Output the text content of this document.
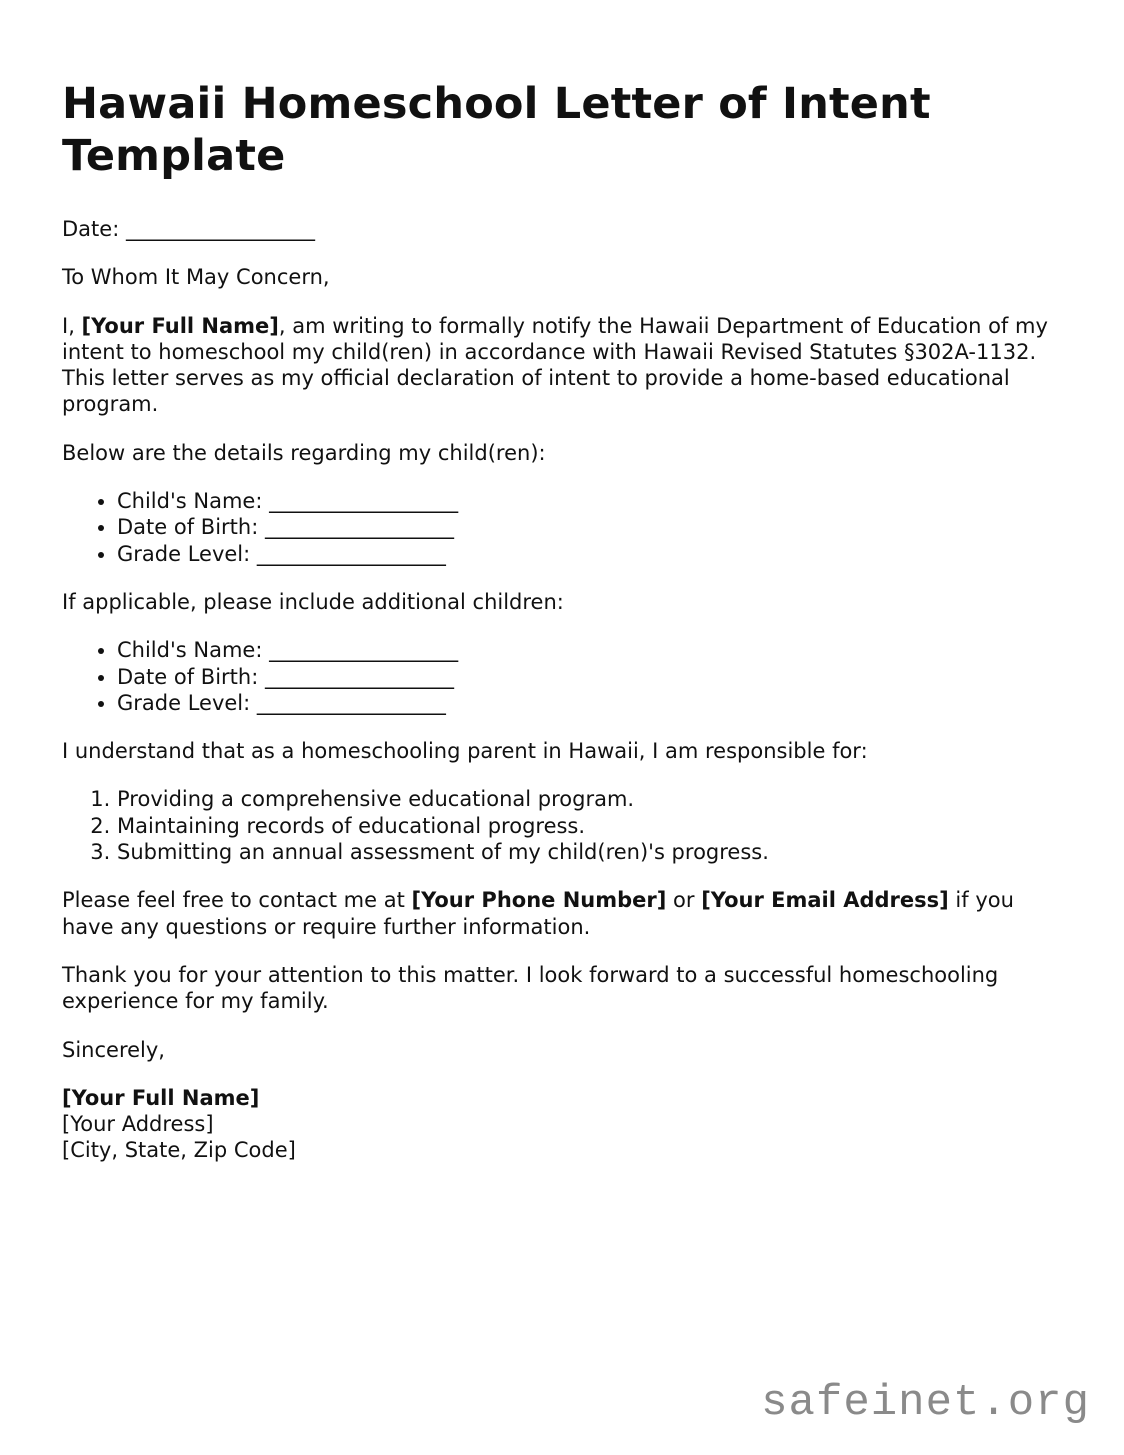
Hawaii Homeschool Letter of Intent Template

Date: __________________

To Whom It May Concern,

I, [Your Full Name], am writing to formally notify the Hawaii Department of Education of my intent to homeschool my child(ren) in accordance with Hawaii Revised Statutes §302A-1132. This letter serves as my official declaration of intent to provide a home-based educational program.

Below are the details regarding my child(ren):

• Child's Name: __________________
• Date of Birth: __________________
• Grade Level: __________________

If applicable, please include additional children:

• Child's Name: __________________
• Date of Birth: __________________
• Grade Level: __________________

I understand that as a homeschooling parent in Hawaii, I am responsible for:

1. Providing a comprehensive educational program.
2. Maintaining records of educational progress.
3. Submitting an annual assessment of my child(ren)'s progress.

Please feel free to contact me at [Your Phone Number] or [Your Email Address] if you have any questions or require further information.

Thank you for your attention to this matter. I look forward to a successful homeschooling experience for my family.

Sincerely,

[Your Full Name]
[Your Address]
[City, State, Zip Code]
safeinet.org
